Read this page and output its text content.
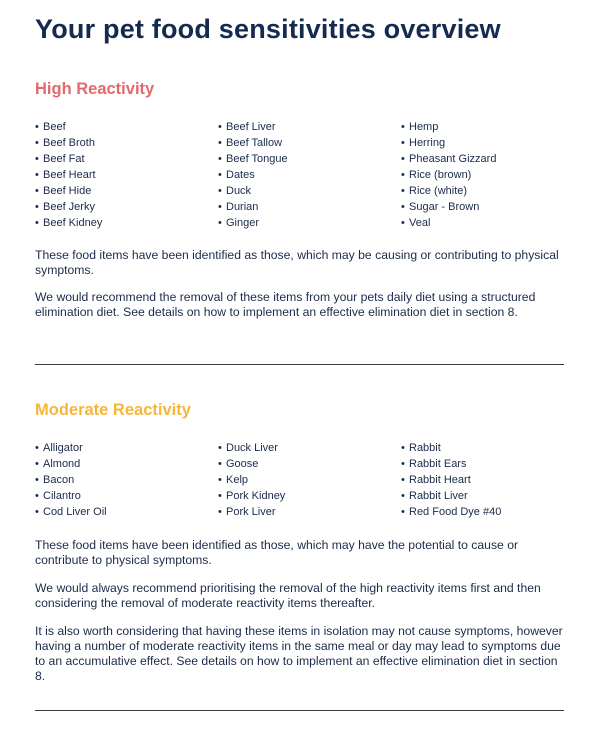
Your pet food sensitivities overview
High Reactivity
• Beef
• Beef Broth
• Beef Fat
• Beef Heart
• Beef Hide
• Beef Jerky
• Beef Kidney
• Beef Liver
• Beef Tallow
• Beef Tongue
• Dates
• Duck
• Durian
• Ginger
• Hemp
• Herring
• Pheasant Gizzard
• Rice (brown)
• Rice (white)
• Sugar - Brown
• Veal

These food items have been identified as those, which may be causing or contributing to physical symptoms.

We would recommend the removal of these items from your pets daily diet using a structured elimination diet. See details on how to implement an effective elimination diet in section 8.

Moderate Reactivity
• Alligator
• Almond
• Bacon
• Cilantro
• Cod Liver Oil
• Duck Liver
• Goose
• Kelp
• Pork Kidney
• Pork Liver
• Rabbit
• Rabbit Ears
• Rabbit Heart
• Rabbit Liver
• Red Food Dye #40

These food items have been identified as those, which may have the potential to cause or contribute to physical symptoms.

We would always recommend prioritising the removal of the high reactivity items first and then considering the removal of moderate reactivity items thereafter.

It is also worth considering that having these items in isolation may not cause symptoms, however having a number of moderate reactivity items in the same meal or day may lead to symptoms due to an accumulative effect. See details on how to implement an effective elimination diet in section 8.
